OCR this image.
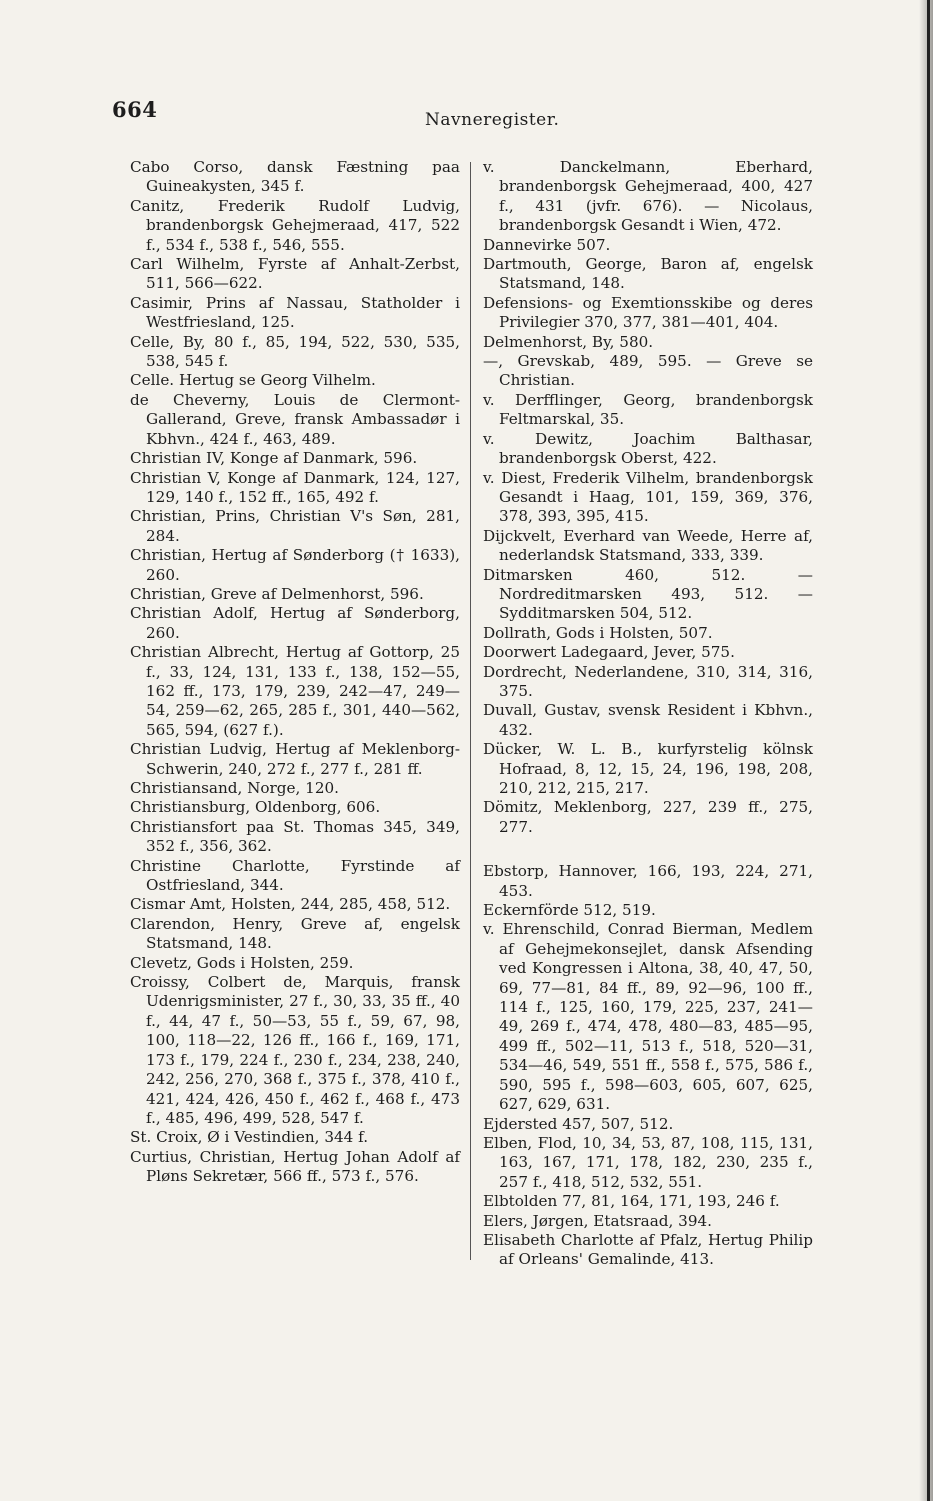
664	Navneregister.
Cabo Corso, dansk Fæstning paa Guineakysten, 345 f.
Canitz, Frederik Rudolf Ludvig, brandenborgsk Gehejmeraad, 417, 522 f., 534 f., 538 f., 546, 555.
Carl Wilhelm, Fyrste af Anhalt-Zerbst, 511, 566—622.
Casimir, Prins af Nassau, Statholder i Westfriesland, 125.
Celle, By, 80 f., 85, 194, 522, 530, 535, 538, 545 f.
Celle. Hertug se Georg Vilhelm.
de Cheverny, Louis de Clermont-Gallerand, Greve, fransk Ambassadør i Kbhvn., 424 f., 463, 489.
Christian IV, Konge af Danmark, 596.
Christian V, Konge af Danmark, 124, 127, 129, 140 f., 152 ff., 165, 492 f.
Christian, Prins, Christian V's Søn, 281, 284.
Christian, Hertug af Sønderborg († 1633), 260.
Christian, Greve af Delmenhorst, 596.
Christian Adolf, Hertug af Sønderborg, 260.
Christian Albrecht, Hertug af Gottorp, 25 f., 33, 124, 131, 133 f., 138, 152—55, 162 ff., 173, 179, 239, 242—47, 249—54, 259—62, 265, 285 f., 301, 440—562, 565, 594, (627 f.).
Christian Ludvig, Hertug af Meklenborg-Schwerin, 240, 272 f., 277 f., 281 ff.
Christiansand, Norge, 120.
Christiansburg, Oldenborg, 606.
Christiansfort paa St. Thomas 345, 349, 352 f., 356, 362.
Christine Charlotte, Fyrstinde af Ostfriesland, 344.
Cismar Amt, Holsten, 244, 285, 458, 512.
Clarendon, Henry, Greve af, engelsk Statsmand, 148.
Clevetz, Gods i Holsten, 259.
Croissy, Colbert de, Marquis, fransk Udenrigsminister, 27 f., 30, 33, 35 ff., 40 f., 44, 47 f., 50—53, 55 f., 59, 67, 98, 100, 118—22, 126 ff., 166 f., 169, 171, 173 f., 179, 224 f., 230 f., 234, 238, 240, 242, 256, 270, 368 f., 375 f., 378, 410 f., 421, 424, 426, 450 f., 462 f., 468 f., 473 f., 485, 496, 499, 528, 547 f.
St. Croix, Ø i Vestindien, 344 f.
Curtius, Christian, Hertug Johan Adolf af Pløns Sekretær, 566 ff., 573 f., 576.
v. Danckelmann, Eberhard, brandenborgsk Gehejmeraad, 400, 427 f., 431 (jvfr. 676). — Nicolaus, brandenborgsk Gesandt i Wien, 472.
Dannevirke 507.
Dartmouth, George, Baron af, engelsk Statsmand, 148.
Defensions- og Exemtionsskibe og deres Privilegier 370, 377, 381—401, 404.
Delmenhorst, By, 580.
—, Grevskab, 489, 595. — Greve se Christian.
v. Derfflinger, Georg, brandenborgsk Feltmarskal, 35.
v. Dewitz, Joachim Balthasar, brandenborgsk Oberst, 422.
v. Diest, Frederik Vilhelm, brandenborgsk Gesandt i Haag, 101, 159, 369, 376, 378, 393, 395, 415.
Dijckvelt, Everhard van Weede, Herre af, nederlandsk Statsmand, 333, 339.
Ditmarsken 460, 512. — Nordreditmarsken 493, 512. — Sydditmarsken 504, 512.
Dollrath, Gods i Holsten, 507.
Doorwert Ladegaard, Jever, 575.
Dordrecht, Nederlandene, 310, 314, 316, 375.
Duvall, Gustav, svensk Resident i Kbhvn., 432.
Dücker, W. L. B., kurfyrstelig kölnsk Hofraad, 8, 12, 15, 24, 196, 198, 208, 210, 212, 215, 217.
Dömitz, Meklenborg, 227, 239 ff., 275, 277.
Ebstorp, Hannover, 166, 193, 224, 271, 453.
Eckernförde 512, 519.
v. Ehrenschild, Conrad Bierman, Medlem af Gehejmekonsejlet, dansk Afsending ved Kongressen i Altona, 38, 40, 47, 50, 69, 77—81, 84 ff., 89, 92—96, 100 ff., 114 f., 125, 160, 179, 225, 237, 241—49, 269 f., 474, 478, 480—83, 485—95, 499 ff., 502—11, 513 f., 518, 520—31, 534—46, 549, 551 ff., 558 f., 575, 586 f., 590, 595 f., 598—603, 605, 607, 625, 627, 629, 631.
Ejdersted 457, 507, 512.
Elben, Flod, 10, 34, 53, 87, 108, 115, 131, 163, 167, 171, 178, 182, 230, 235 f., 257 f., 418, 512, 532, 551.
Elbtolden 77, 81, 164, 171, 193, 246 f.
Elers, Jørgen, Etatsraad, 394.
Elisabeth Charlotte af Pfalz, Hertug Philip af Orleans' Gemalinde, 413.
